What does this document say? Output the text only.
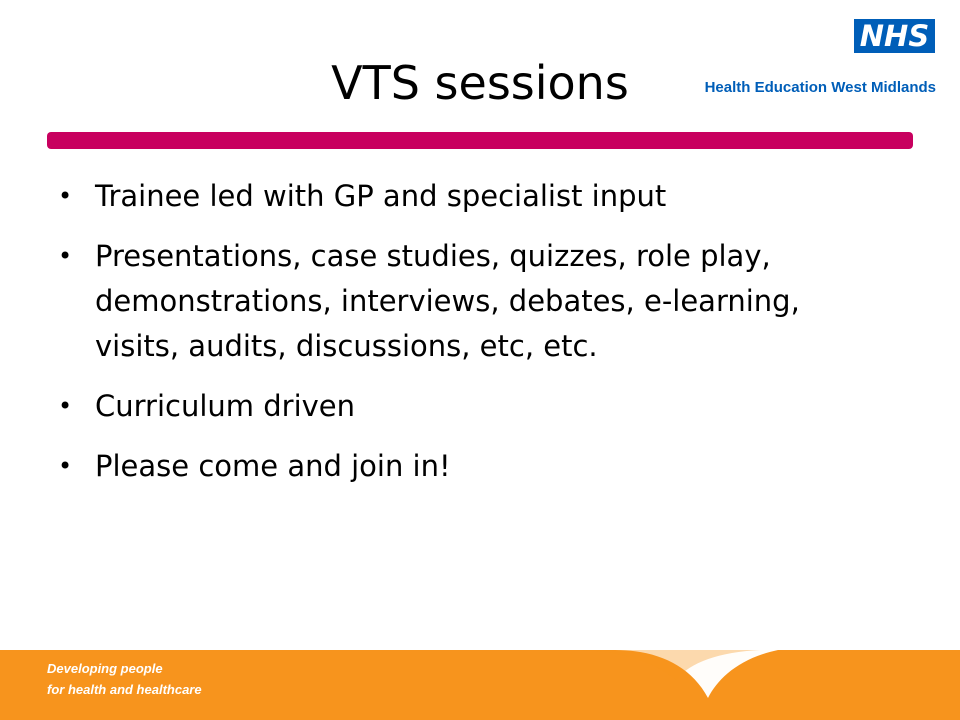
NHS
Health Education West Midlands
VTS sessions
• Trainee led with GP and specialist input
• Presentations, case studies, quizzes, role play, demonstrations, interviews, debates, e-learning, visits, audits, discussions, etc, etc.
• Curriculum driven
• Please come and join in!
Developing people
for health and healthcare
